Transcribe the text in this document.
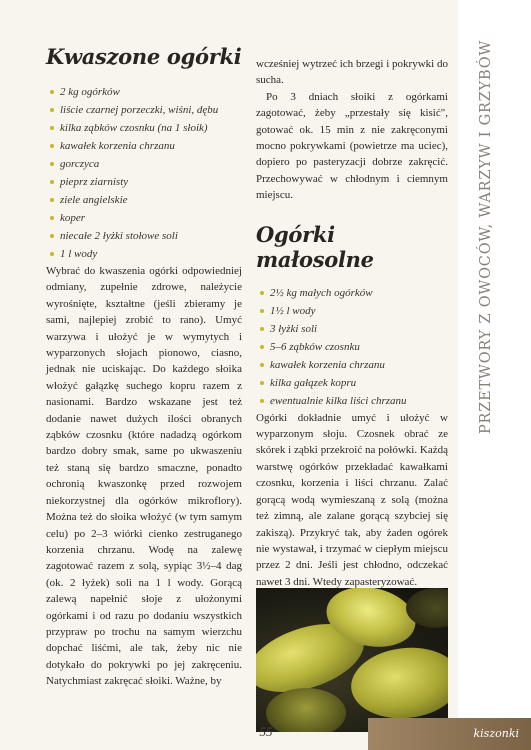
Kwaszone ogórki
2 kg ogórków
liście czarnej porzeczki, wiśni, dębu
kilka ząbków czosnku (na 1 słoik)
kawałek korzenia chrzanu
gorczyca
pieprz ziarnisty
ziele angielskie
koper
niecałe 2 łyżki stołowe soli
1 l wody

Wybrać do kwaszenia ogórki odpowiedniej odmiany, zupełnie zdrowe, należycie wyrośnięte, kształtne (jeśli zbieramy je sami, najlepiej zrobić to rano). Umyć warzywa i ułożyć je w wymytych i wyparzonych słojach pionowo, ciasno, jednak nie uciskając. Do każdego słoika włożyć gałązkę suchego kopru razem z nasionami. Bardzo wskazane jest też dodanie nawet dużych ilości obranych ząbków czosnku (które nadadzą ogórkom bardzo dobry smak, same po ukwaszeniu też staną się bardzo smaczne, ponadto ochronią kwaszonkę przed rozwojem niekorzystnej dla ogórków mikroflory). Można też do słoika włożyć (w tym samym celu) po 2–3 wiórki cienko zestruganego korzenia chrzanu. Wodę na zalewę zagotować razem z solą, sypiąc 3½–4 dag (ok. 2 łyżek) soli na 1 l wody. Gorącą zalewą napełnić słoje z ułożonymi ogórkami i od razu po dodaniu wszystkich przypraw po trochu na samym wierzchu dopchać liśćmi, ale tak, żeby nic nie dotykało do pokrywki po jej zakręceniu. Natychmiast zakręcać słoiki. Ważne, by

wcześniej wytrzeć ich brzegi i pokrywki do sucha.

Po 3 dniach słoiki z ogórkami zagotować, żeby „przestały się kisić", gotować ok. 15 min z nie zakręconymi mocno pokrywkami (powietrze ma uciec), dopiero po pasteryzacji dobrze zakręcić. Przechowywać w chłodnym i ciemnym miejscu.

Ogórki małosolne
2½ kg małych ogórków
1½ l wody
3 łyżki soli
5–6 ząbków czosnku
kawałek korzenia chrzanu
kilka gałązek kopru
ewentualnie kilka liści chrzanu

Ogórki dokładnie umyć i ułożyć w wyparzonym słoju. Czosnek obrać ze skórek i ząbki przekroić na połówki. Każdą warstwę ogórków przekładać kawałkami czosnku, korzenia i liści chrzanu. Zalać gorącą wodą wymieszaną z solą (można też zimną, ale zalane gorącą szybciej się zakiszą). Przykryć tak, aby żaden ogórek nie wystawał, i trzymać w ciepłym miejscu przez 2 dni. Jeśli jest chłodno, odczekać nawet 3 dni. Wtedy zapasteryzować.

PRZETWORY Z OWOCÓW, WARZYW I GRZYBÓW
55	kiszonki
